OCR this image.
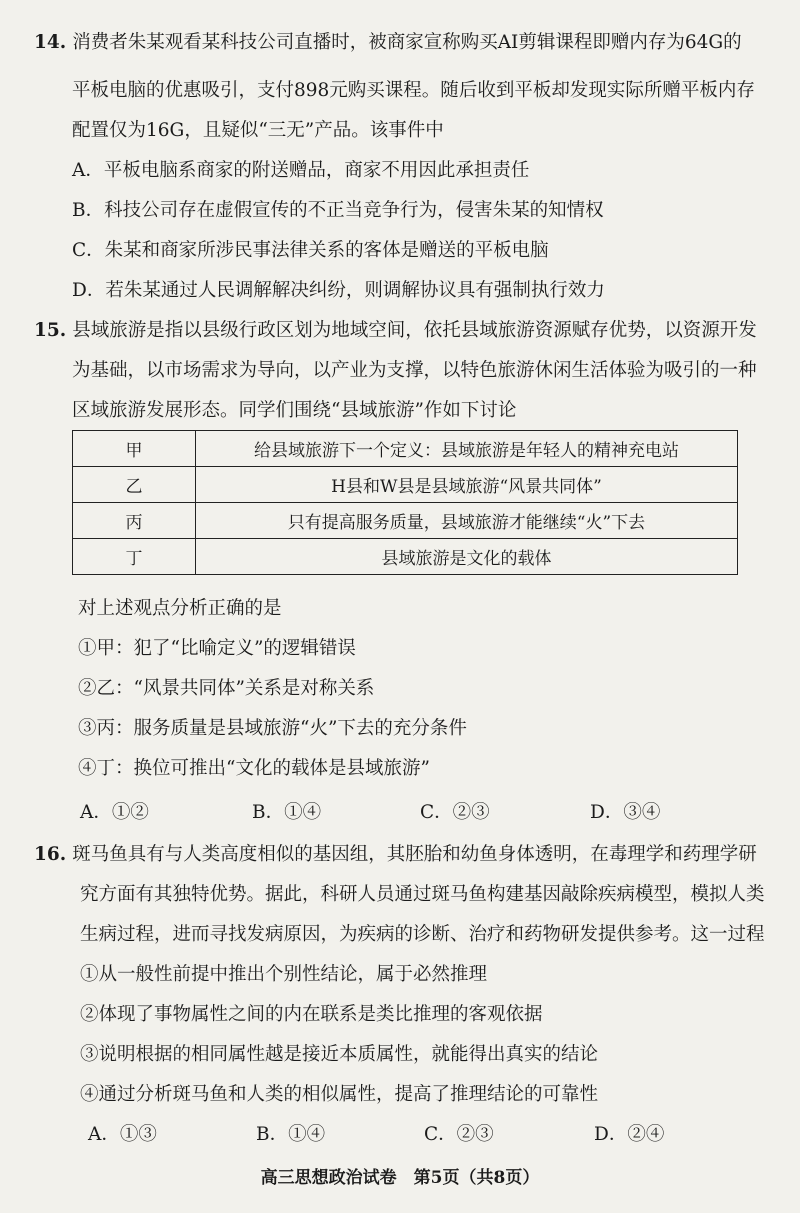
14. 消费者朱某观看某科技公司直播时，被商家宣称购买AI剪辑课程即赠内存为64G的
平板电脑的优惠吸引，支付898元购买课程。随后收到平板却发现实际所赠平板内存
配置仅为16G，且疑似“三无”产品。该事件中
A．平板电脑系商家的附送赠品，商家不用因此承担责任
B．科技公司存在虚假宣传的不正当竞争行为，侵害朱某的知情权
C．朱某和商家所涉民事法律关系的客体是赠送的平板电脑
D．若朱某通过人民调解解决纠纷，则调解协议具有强制执行效力
15. 县域旅游是指以县级行政区划为地域空间，依托县域旅游资源赋存优势，以资源开发
为基础，以市场需求为导向，以产业为支撑，以特色旅游休闲生活体验为吸引的一种
区域旅游发展形态。同学们围绕“县域旅游”作如下讨论
甲	给县域旅游下一个定义：县域旅游是年轻人的精神充电站
乙	H县和W县是县域旅游“风景共同体”
丙	只有提高服务质量，县域旅游才能继续“火”下去
丁	县域旅游是文化的载体
对上述观点分析正确的是
①甲：犯了“比喻定义”的逻辑错误
②乙：“风景共同体”关系是对称关系
③丙：服务质量是县域旅游“火”下去的充分条件
④丁：换位可推出“文化的载体是县域旅游”
A．①②	B．①④	C．②③	D．③④
16. 斑马鱼具有与人类高度相似的基因组，其胚胎和幼鱼身体透明，在毒理学和药理学研
究方面有其独特优势。据此，科研人员通过斑马鱼构建基因敲除疾病模型，模拟人类
生病过程，进而寻找发病原因，为疾病的诊断、治疗和药物研发提供参考。这一过程
①从一般性前提中推出个别性结论，属于必然推理
②体现了事物属性之间的内在联系是类比推理的客观依据
③说明根据的相同属性越是接近本质属性，就能得出真实的结论
④通过分析斑马鱼和人类的相似属性，提高了推理结论的可靠性
A．①③	B．①④	C．②③	D．②④
高三思想政治试卷　第5页（共8页）
